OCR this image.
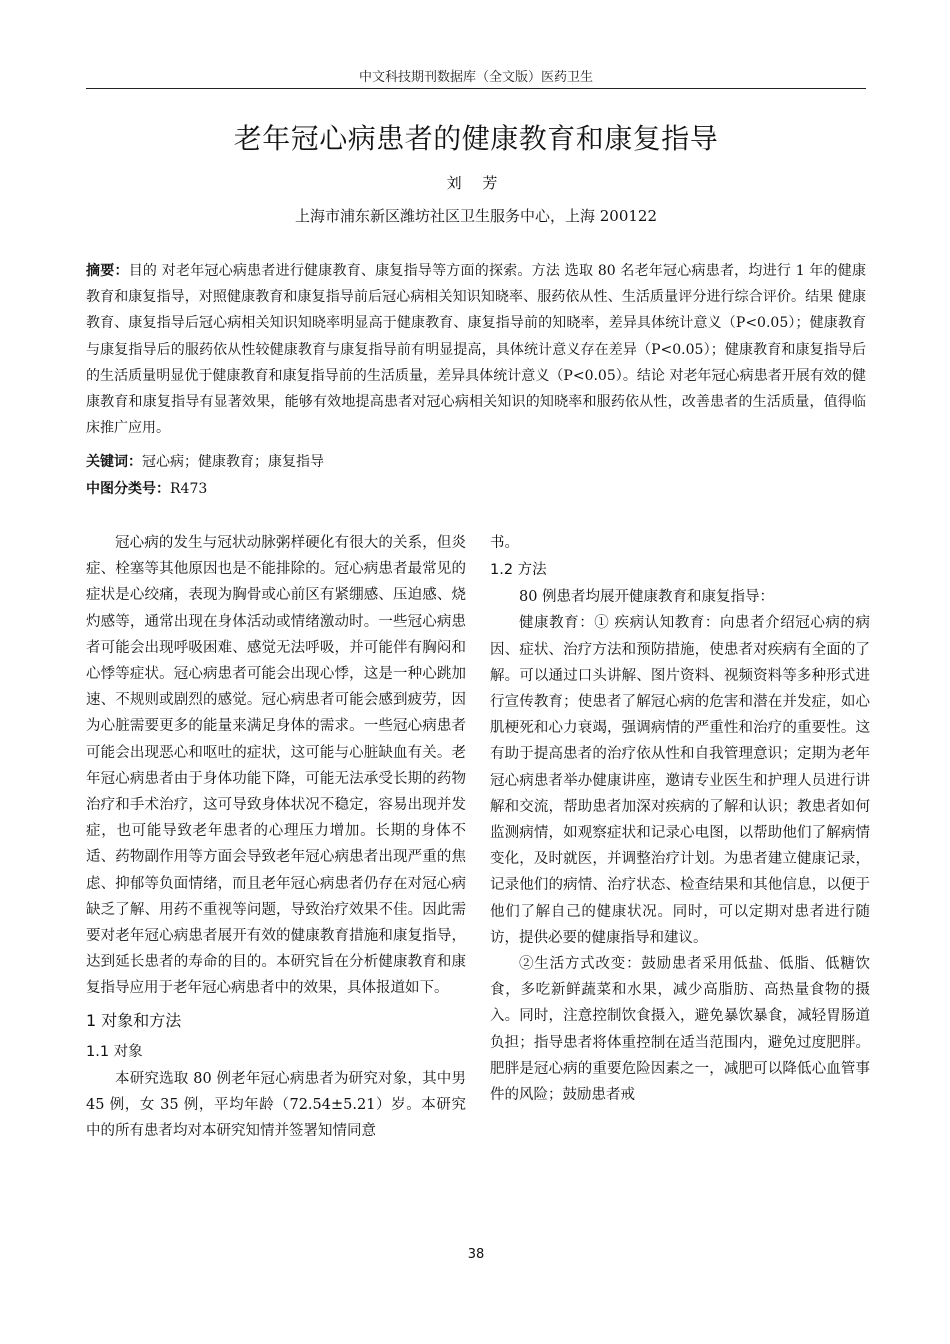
中文科技期刊数据库（全文版）医药卫生
老年冠心病患者的健康教育和康复指导
刘 芳
上海市浦东新区潍坊社区卫生服务中心，上海 200122
摘要：目的 对老年冠心病患者进行健康教育、康复指导等方面的探索。方法 选取 80 名老年冠心病患者，均进行 1 年的健康教育和康复指导，对照健康教育和康复指导前后冠心病相关知识知晓率、服药依从性、生活质量评分进行综合评价。结果 健康教育、康复指导后冠心病相关知识知晓率明显高于健康教育、康复指导前的知晓率，差异具体统计意义（P<0.05）；健康教育与康复指导后的服药依从性较健康教育与康复指导前有明显提高，具体统计意义存在差异（P<0.05）；健康教育和康复指导后的生活质量明显优于健康教育和康复指导前的生活质量，差异具体统计意义（P<0.05）。结论 对老年冠心病患者开展有效的健康教育和康复指导有显著效果，能够有效地提高患者对冠心病相关知识的知晓率和服药依从性，改善患者的生活质量，值得临床推广应用。
关键词：冠心病；健康教育；康复指导
中图分类号：R473

冠心病的发生与冠状动脉粥样硬化有很大的关系，但炎症、栓塞等其他原因也是不能排除的。冠心病患者最常见的症状是心绞痛，表现为胸骨或心前区有紧绷感、压迫感、烧灼感等，通常出现在身体活动或情绪激动时。一些冠心病患者可能会出现呼吸困难、感觉无法呼吸，并可能伴有胸闷和心悸等症状。冠心病患者可能会出现心悸，这是一种心跳加速、不规则或剧烈的感觉。冠心病患者可能会感到疲劳，因为心脏需要更多的能量来满足身体的需求。一些冠心病患者可能会出现恶心和呕吐的症状，这可能与心脏缺血有关。老年冠心病患者由于身体功能下降，可能无法承受长期的药物治疗和手术治疗，这可导致身体状况不稳定，容易出现并发症，也可能导致老年患者的心理压力增加。长期的身体不适、药物副作用等方面会导致老年冠心病患者出现严重的焦虑、抑郁等负面情绪，而且老年冠心病患者仍存在对冠心病缺乏了解、用药不重视等问题，导致治疗效果不佳。因此需要对老年冠心病患者展开有效的健康教育措施和康复指导，达到延长患者的寿命的目的。本研究旨在分析健康教育和康复指导应用于老年冠心病患者中的效果，具体报道如下。

1 对象和方法
1.1 对象

本研究选取 80 例老年冠心病患者为研究对象，其中男 45 例，女 35 例，平均年龄（72.54±5.21）岁。本研究中的所有患者均对本研究知情并签署知情同意

书。

1.2 方法

80 例患者均展开健康教育和康复指导：

健康教育：① 疾病认知教育：向患者介绍冠心病的病因、症状、治疗方法和预防措施，使患者对疾病有全面的了解。可以通过口头讲解、图片资料、视频资料等多种形式进行宣传教育；使患者了解冠心病的危害和潜在并发症，如心肌梗死和心力衰竭，强调病情的严重性和治疗的重要性。这有助于提高患者的治疗依从性和自我管理意识；定期为老年冠心病患者举办健康讲座，邀请专业医生和护理人员进行讲解和交流，帮助患者加深对疾病的了解和认识；教患者如何监测病情，如观察症状和记录心电图，以帮助他们了解病情变化，及时就医，并调整治疗计划。为患者建立健康记录，记录他们的病情、治疗状态、检查结果和其他信息，以便于他们了解自己的健康状况。同时，可以定期对患者进行随访，提供必要的健康指导和建议。

②生活方式改变：鼓励患者采用低盐、低脂、低糖饮食，多吃新鲜蔬菜和水果，减少高脂肪、高热量食物的摄入。同时，注意控制饮食摄入，避免暴饮暴食，减轻胃肠道负担；指导患者将体重控制在适当范围内，避免过度肥胖。肥胖是冠心病的重要危险因素之一，减肥可以降低心血管事件的风险；鼓励患者戒

38
